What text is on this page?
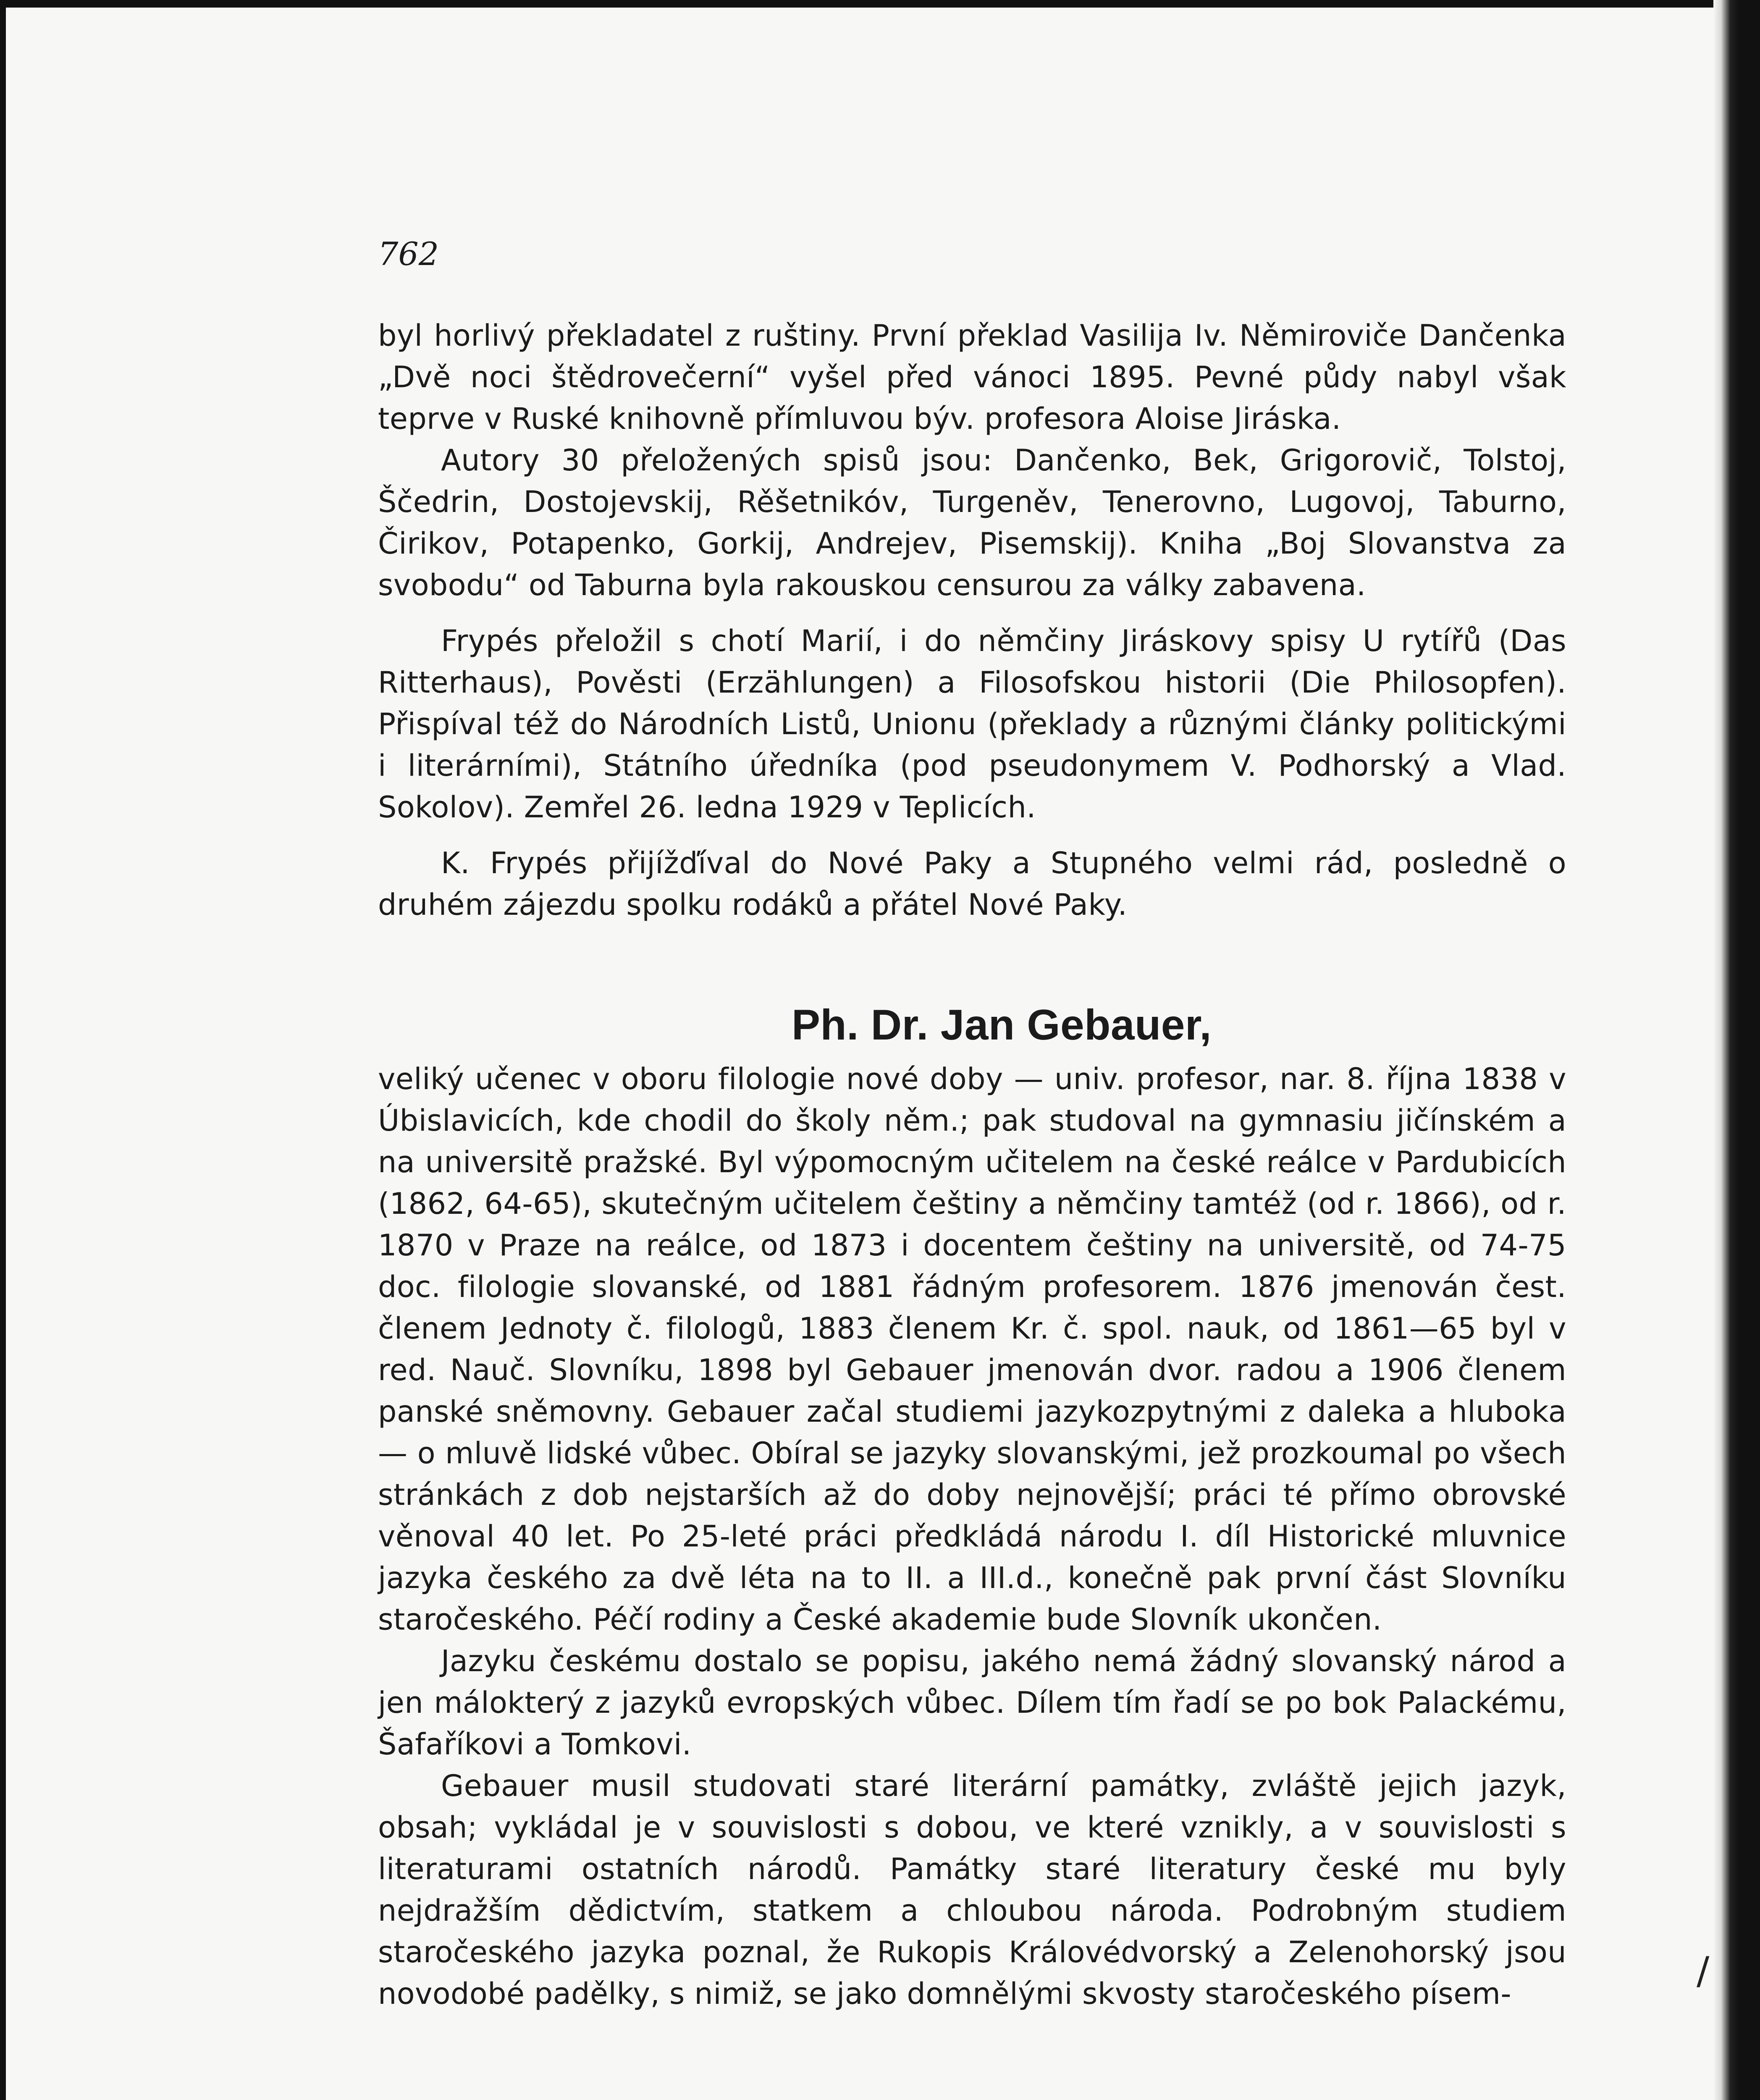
762

byl horlivý překladatel z ruštiny. První překlad Vasilija Iv. Němiroviče Dančenka „Dvě noci štědrovečerní“ vyšel před vánoci 1895. Pevné půdy nabyl však teprve v Ruské knihovně přímluvou býv. profesora Aloise Jiráska.

Autory 30 přeložených spisů jsou: Dančenko, Bek, Grigorovič, Tolstoj, Ščedrin, Dostojevskij, Rěšetnikóv, Turgeněv, Tenerovno, Lugovoj, Taburno, Čirikov, Potapenko, Gorkij, Andrejev, Pisemskij). Kniha „Boj Slovanstva za svobodu“ od Taburna byla rakouskou censurou za války zabavena.

Frypés přeložil s chotí Marií, i do němčiny Jiráskovy spisy U rytířů (Das Ritterhaus), Pověsti (Erzählungen) a Filosofskou historii (Die Philosopfen). Přispíval též do Národních Listů, Unionu (překlady a různými články politickými i literárními), Státního úředníka (pod pseudonymem V. Podhorský a Vlad. Sokolov). Zemřel 26. ledna 1929 v Teplicích.

K. Frypés přijížďíval do Nové Paky a Stupného velmi rád, posledně o druhém zájezdu spolku rodáků a přátel Nové Paky.

Ph. Dr. Jan Gebauer,

veliký učenec v oboru filologie nové doby — univ. profesor, nar. 8. října 1838 v Úbislavicích, kde chodil do školy něm.; pak studoval na gymnasiu jičínském a na universitě pražské. Byl výpomocným učitelem na české reálce v Pardubicích (1862, 64-65), skutečným učitelem češtiny a němčiny tamtéž (od r. 1866), od r. 1870 v Praze na reálce, od 1873 i docentem češtiny na universitě, od 74-75 doc. filologie slovanské, od 1881 řádným profesorem. 1876 jmenován čest. členem Jednoty č. filologů, 1883 členem Kr. č. spol. nauk, od 1861—65 byl v red. Nauč. Slovníku, 1898 byl Gebauer jmenován dvor. radou a 1906 členem panské sněmovny. Gebauer začal studiemi jazykozpytnými z daleka a hluboka — o mluvě lidské vůbec. Obíral se jazyky slovanskými, jež prozkoumal po všech stránkách z dob nejstarších až do doby nejnovější; práci té přímo obrovské věnoval 40 let. Po 25-leté práci předkládá národu I. díl Historické mluvnice jazyka českého za dvě léta na to II. a III.d., konečně pak první část Slovníku staročeského. Péčí rodiny a České akademie bude Slovník ukončen.

Jazyku českému dostalo se popisu, jakého nemá žádný slovanský národ a jen málokterý z jazyků evropských vůbec. Dílem tím řadí se po bok Palackému, Šafaříkovi a Tomkovi.

Gebauer musil studovati staré literární památky, zvláště jejich jazyk, obsah; vykládal je v souvislosti s dobou, ve které vznikly, a v souvislosti s literaturami ostatních národů. Památky staré literatury české mu byly nejdražším dědictvím, statkem a chloubou národa. Podrobným studiem staročeského jazyka poznal, že Rukopis Královédvorský a Zelenohorský jsou novodobé padělky, s nimiž, se jako domnělými skvosty staročeského písem-

/
